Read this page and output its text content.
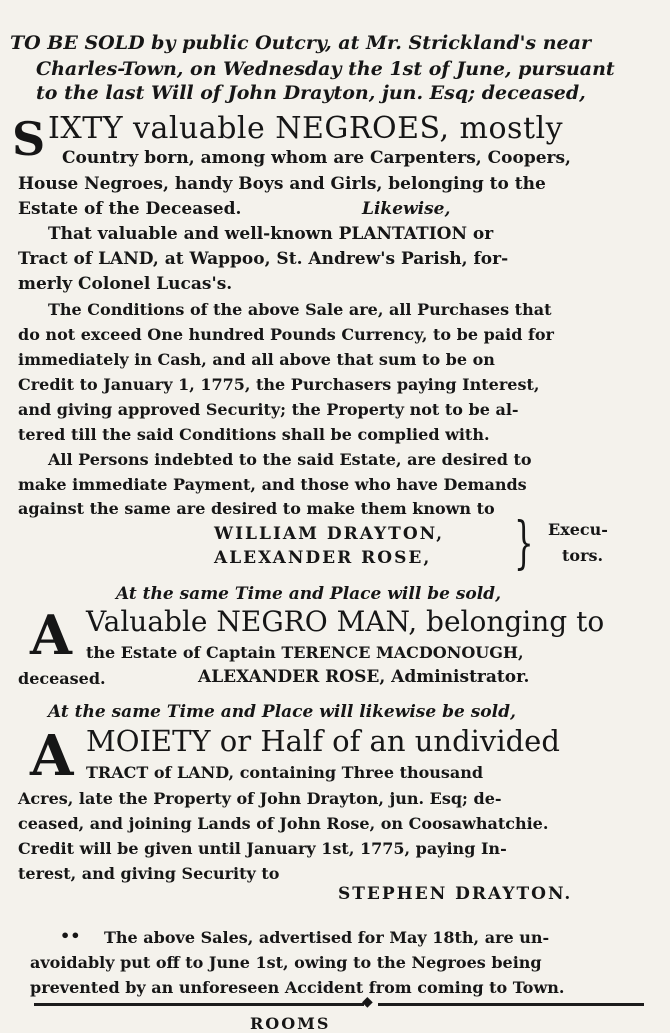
TO BE SOLD by public Outcry, at Mr. Strickland's near
Charles-Town, on Wednesday the 1st of June, pursuant
to the last Will of John Drayton, jun. Esq; deceased,
S IXTY valuable NEGROES, mostly
Country born, among whom are Carpenters, Coopers,
House Negroes, handy Boys and Girls, belonging to the
Estate of the Deceased.	Likewise,
That valuable and well-known PLANTATION or
Tract of LAND, at Wappoo, St. Andrew's Parish, for-
merly Colonel Lucas's.
The Conditions of the above Sale are, all Purchases that
do not exceed One hundred Pounds Currency, to be paid for
immediately in Cash, and all above that sum to be on
Credit to January 1, 1775, the Purchasers paying Interest,
and giving approved Security; the Property not to be al-
tered till the said Conditions shall be complied with.
All Persons indebted to the said Estate, are desired to
make immediate Payment, and those who have Demands
against the same are desired to make them known to
WILLIAM DRAYTON,
ALEXANDER ROSE,	} Execu-
tors.
At the same Time and Place will be sold,
A Valuable NEGRO MAN, belonging to
the Estate of Captain TERENCE MACDONOUGH,
deceased.	ALEXANDER ROSE, Administrator.
At the same Time and Place will likewise be sold,
A MOIETY or Half of an undivided
TRACT of LAND, containing Three thousand
Acres, late the Property of John Drayton, jun. Esq; de-
ceased, and joining Lands of John Rose, on Coosawhatchie.
Credit will be given until January 1st, 1775, paying In-
terest, and giving Security to
STEPHEN DRAYTON.
••	The above Sales, advertised for May 18th, are un-
avoidably put off to June 1st, owing to the Negroes being
prevented by an unforeseen Accident from coming to Town.
◆
ROOMS
